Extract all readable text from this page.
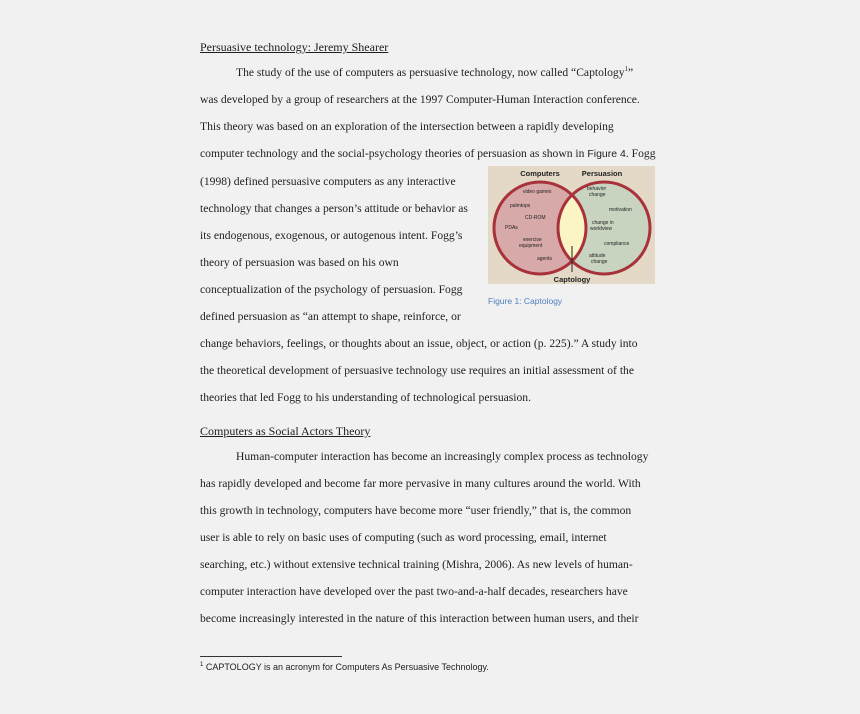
Persuasive technology: Jeremy Shearer
The study of the use of computers as persuasive technology, now called “Captology$^1$”
was developed by a group of researchers at the 1997 Computer-Human Interaction conference.
This theory was based on an exploration of the intersection between a rapidly developing
computer technology and the social-psychology theories of persuasion as shown in Figure 4. Fogg
(1998) defined persuasive computers as any interactive
technology that changes a person’s attitude or behavior as
its endogenous, exogenous, or autogenous intent. Fogg’s
theory of persuasion was based on his own
conceptualization of the psychology of persuasion. Fogg
defined persuasion as “an attempt to shape, reinforce, or
change behaviors, feelings, or thoughts about an issue, object, or action (p. 225).” A study into
the theoretical development of persuasive technology use requires an initial assessment of the
theories that led Fogg to his understanding of technological persuasion.
Computers	Persuasion
Captology
video games
palmtops
CD-ROM
PDAs
exercise
equipment
agents
behavior
change
motivation
change in
worldview
compliance
attitude
change
Figure 1: Captology
Computers as Social Actors Theory
Human-computer interaction has become an increasingly complex process as technology
has rapidly developed and become far more pervasive in many cultures around the world. With
this growth in technology, computers have become more “user friendly,” that is, the common
user is able to rely on basic uses of computing (such as word processing, email, internet
searching, etc.) without extensive technical training (Mishra, 2006). As new levels of human-
computer interaction have developed over the past two-and-a-half decades, researchers have
become increasingly interested in the nature of this interaction between human users, and their
$^1$ CAPTOLOGY is an acronym for Computers As Persuasive Technology.
